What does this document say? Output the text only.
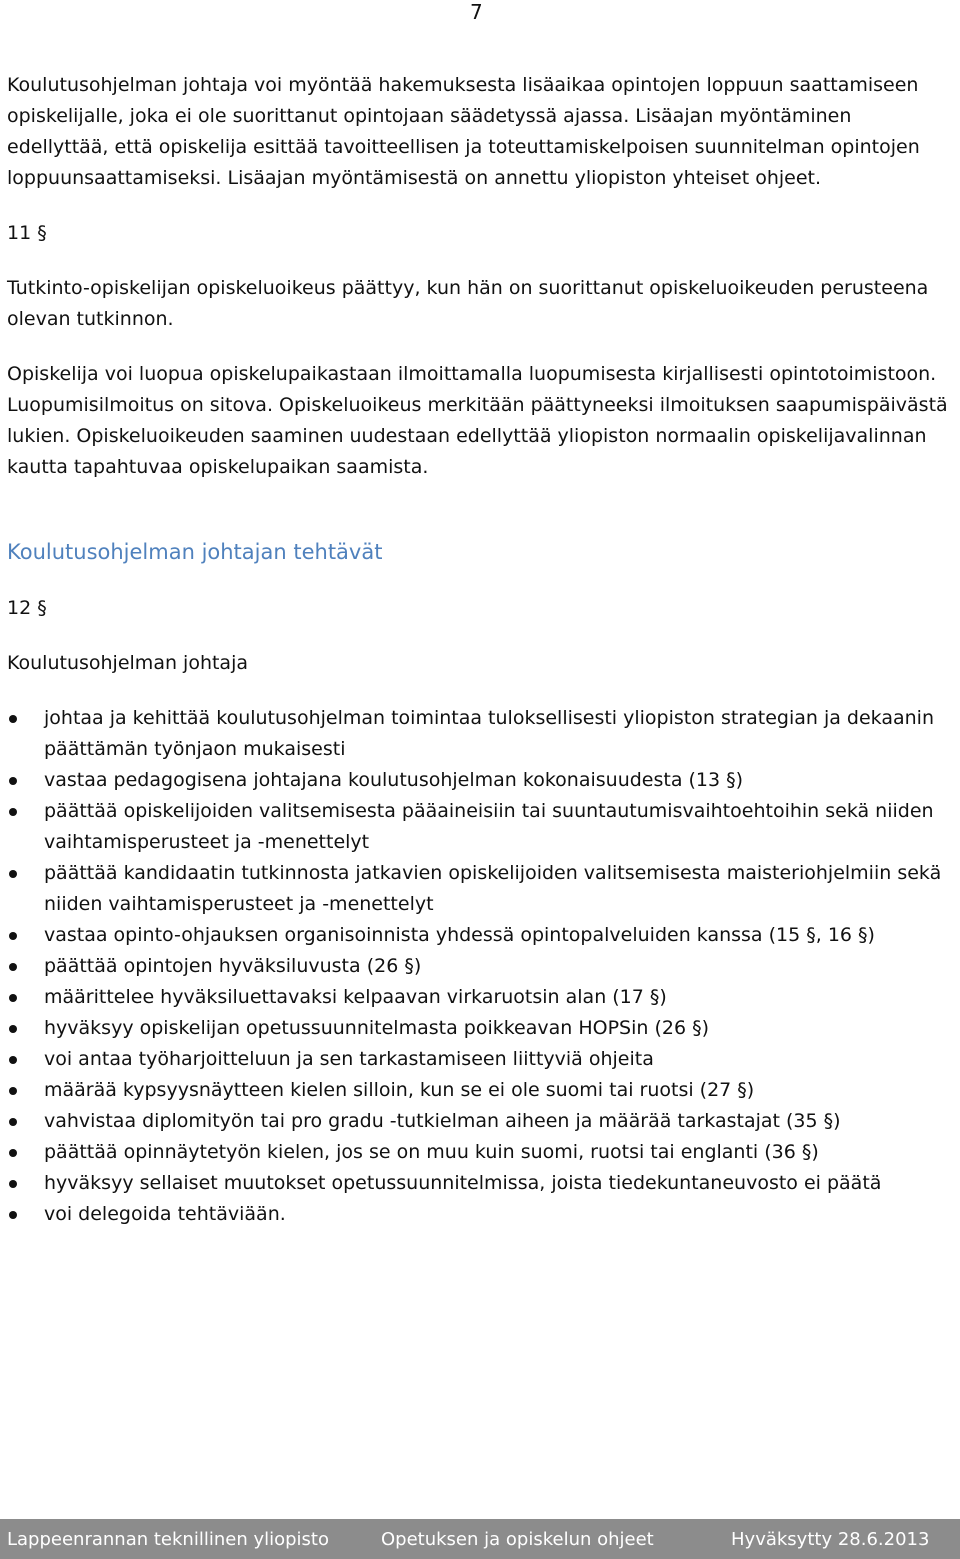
7

Koulutusohjelman johtaja voi myöntää hakemuksesta lisäaikaa opintojen loppuun saattamiseen opiskelijalle, joka ei ole suorittanut opintojaan säädetyssä ajassa. Lisäajan myöntäminen edellyttää, että opiskelija esittää tavoitteellisen ja toteuttamiskelpoisen suunnitelman opintojen loppuunsaattamiseksi. Lisäajan myöntämisestä on annettu yliopiston yhteiset ohjeet.

11 §

Tutkinto-opiskelijan opiskeluoikeus päättyy, kun hän on suorittanut opiskeluoikeuden perusteena olevan tutkinnon.

Opiskelija voi luopua opiskelupaikastaan ilmoittamalla luopumisesta kirjallisesti opintotoimistoon. Luopumisilmoitus on sitova. Opiskeluoikeus merkitään päättyneeksi ilmoituksen saapumispäivästä lukien. Opiskeluoikeuden saaminen uudestaan edellyttää yliopiston normaalin opiskelijavalinnan kautta tapahtuvaa opiskelupaikan saamista.

Koulutusohjelman johtajan tehtävät

12 §

Koulutusohjelman johtaja

johtaa ja kehittää koulutusohjelman toimintaa tuloksellisesti yliopiston strategian ja dekaanin päättämän työnjaon mukaisesti
vastaa pedagogisena johtajana koulutusohjelman kokonaisuudesta (13 §)
päättää opiskelijoiden valitsemisesta pääaineisiin tai suuntautumisvaihtoehtoihin sekä niiden vaihtamisperusteet ja -menettelyt
päättää kandidaatin tutkinnosta jatkavien opiskelijoiden valitsemisesta maisteriohjelmiin sekä niiden vaihtamisperusteet ja -menettelyt
vastaa opinto-ohjauksen organisoinnista yhdessä opintopalveluiden kanssa (15 §, 16 §)
päättää opintojen hyväksiluvusta (26 §)
määrittelee hyväksiluettavaksi kelpaavan virkaruotsin alan (17 §)
hyväksyy opiskelijan opetussuunnitelmasta poikkeavan HOPSin (26 §)
voi antaa työharjoitteluun ja sen tarkastamiseen liittyviä ohjeita
määrää kypsyysnäytteen kielen silloin, kun se ei ole suomi tai ruotsi (27 §)
vahvistaa diplomityön tai pro gradu -tutkielman aiheen ja määrää tarkastajat (35 §)
päättää opinnäytetyön kielen, jos se on muu kuin suomi, ruotsi tai englanti (36 §)
hyväksyy sellaiset muutokset opetussuunnitelmissa, joista tiedekuntaneuvosto ei päätä
voi delegoida tehtäviään.
Lappeenrannan teknillinen yliopisto	Opetuksen ja opiskelun ohjeet	Hyväksytty 28.6.2013
